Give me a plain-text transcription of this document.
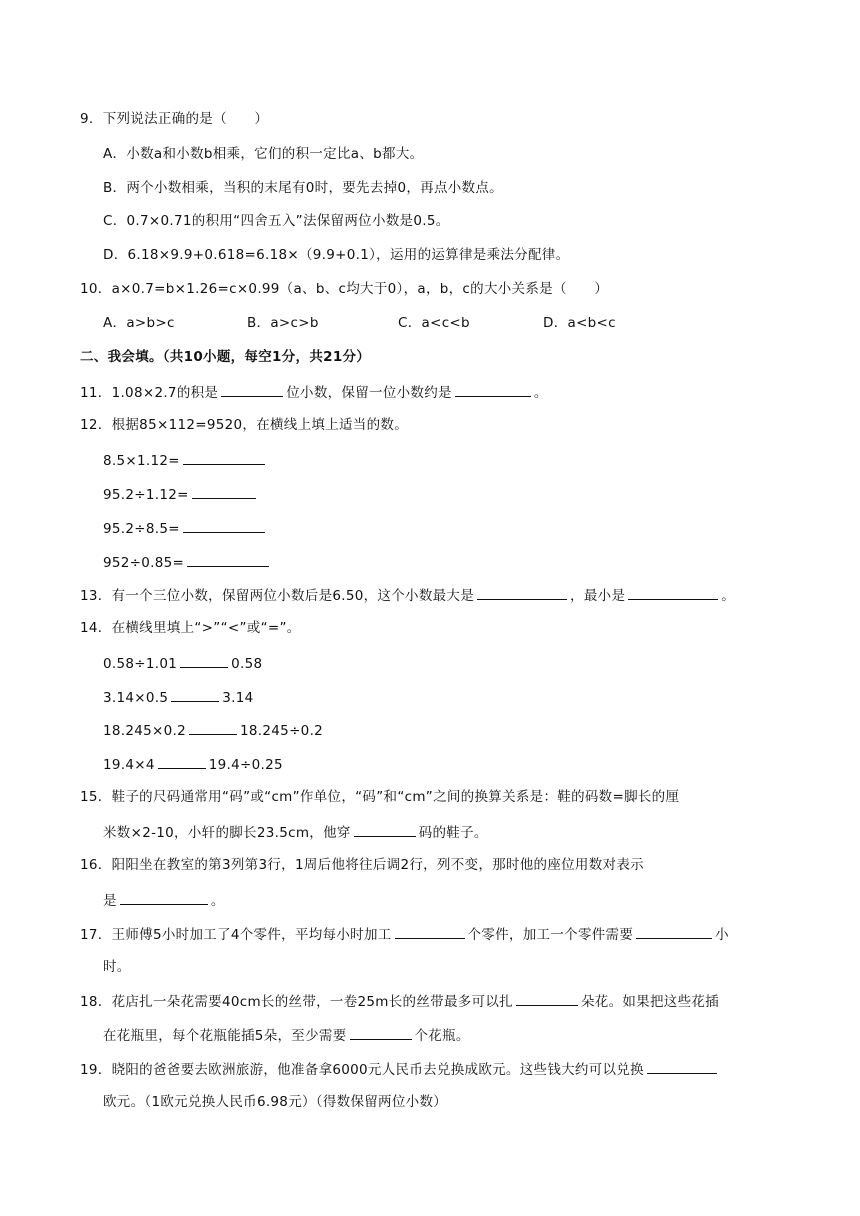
9．下列说法正确的是（　　）
A．小数a和小数b相乘，它们的积一定比a、b都大。
B．两个小数相乘，当积的末尾有0时，要先去掉0，再点小数点。
C．0.7×0.71的积用“四舍五入”法保留两位小数是0.5。
D．6.18×9.9+0.618=6.18×（9.9+0.1），运用的运算律是乘法分配律。
10．a×0.7=b×1.26=c×0.99（a、b、c均大于0），a，b，c的大小关系是（　　）
A．a>b>c	B．a>c>b	C．a<c<b	D．a<b<c
二、我会填。（共10小题，每空1分，共21分）
11．1.08×2.7的积是	位小数，保留一位小数约是	。
12．根据85×112=9520，在横线上填上适当的数。
8.5×1.12=
95.2÷1.12=
95.2÷8.5=
952÷0.85=
13．有一个三位小数，保留两位小数后是6.50，这个小数最大是	，最小是	。
14．在横线里填上“>”“<”或“=”。
0.58÷1.01	0.58
3.14×0.5	3.14
18.245×0.2	18.245÷0.2
19.4×4	19.4÷0.25
15．鞋子的尺码通常用“码”或“cm”作单位，“码”和“cm”之间的换算关系是：鞋的码数=脚长的厘
米数×2-10，小轩的脚长23.5cm，他穿	码的鞋子。
16．阳阳坐在教室的第3列第3行，1周后他将往后调2行，列不变，那时他的座位用数对表示
是	。
17．王师傅5小时加工了4个零件，平均每小时加工	个零件，加工一个零件需要	小
时。
18．花店扎一朵花需要40cm长的丝带，一卷25m长的丝带最多可以扎	朵花。如果把这些花插
在花瓶里，每个花瓶能插5朵，至少需要	个花瓶。
19．晓阳的爸爸要去欧洲旅游，他准备拿6000元人民币去兑换成欧元。这些钱大约可以兑换
欧元。（1欧元兑换人民币6.98元）（得数保留两位小数）
